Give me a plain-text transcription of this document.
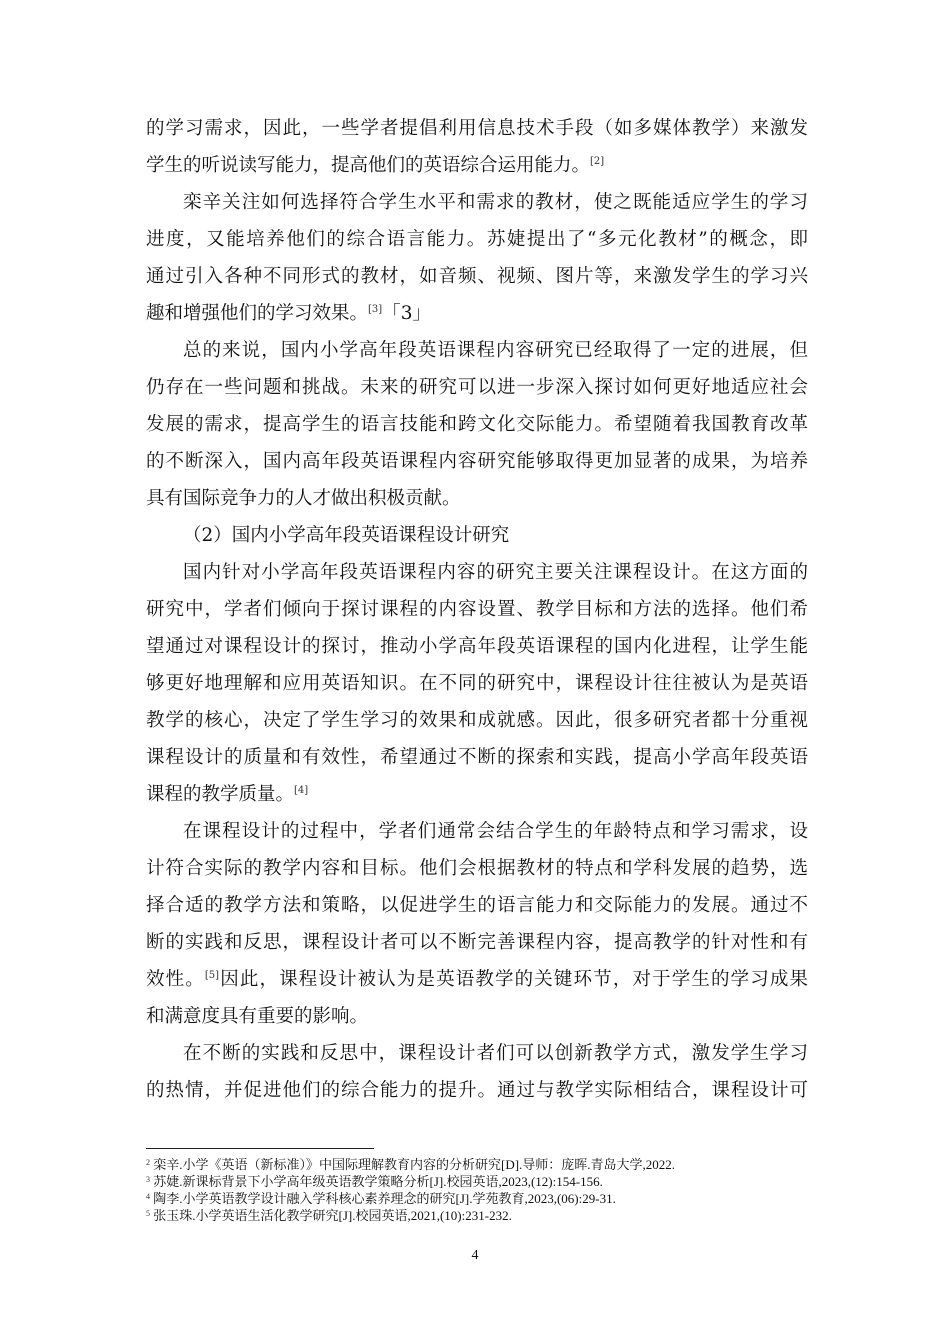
的学习需求，因此，一些学者提倡利用信息技术手段（如多媒体教学）来激发
学生的听说读写能力，提高他们的英语综合运用能力。[2]
栾辛关注如何选择符合学生水平和需求的教材，使之既能适应学生的学习
进度，又能培养他们的综合语言能力。苏婕提出了“多元化教材”的概念，即
通过引入各种不同形式的教材，如音频、视频、图片等，来激发学生的学习兴
趣和增强他们的学习效果。[3]「3」
总的来说，国内小学高年段英语课程内容研究已经取得了一定的进展，但
仍存在一些问题和挑战。未来的研究可以进一步深入探讨如何更好地适应社会
发展的需求，提高学生的语言技能和跨文化交际能力。希望随着我国教育改革
的不断深入，国内高年段英语课程内容研究能够取得更加显著的成果，为培养
具有国际竞争力的人才做出积极贡献。
（2）国内小学高年段英语课程设计研究
国内针对小学高年段英语课程内容的研究主要关注课程设计。在这方面的
研究中，学者们倾向于探讨课程的内容设置、教学目标和方法的选择。他们希
望通过对课程设计的探讨，推动小学高年段英语课程的国内化进程，让学生能
够更好地理解和应用英语知识。在不同的研究中，课程设计往往被认为是英语
教学的核心，决定了学生学习的效果和成就感。因此，很多研究者都十分重视
课程设计的质量和有效性，希望通过不断的探索和实践，提高小学高年段英语
课程的教学质量。[4]
在课程设计的过程中，学者们通常会结合学生的年龄特点和学习需求，设
计符合实际的教学内容和目标。他们会根据教材的特点和学科发展的趋势，选
择合适的教学方法和策略，以促进学生的语言能力和交际能力的发展。通过不
断的实践和反思，课程设计者可以不断完善课程内容，提高教学的针对性和有
效性。[5]因此，课程设计被认为是英语教学的关键环节，对于学生的学习成果
和满意度具有重要的影响。
在不断的实践和反思中，课程设计者们可以创新教学方式，激发学生学习
的热情，并促进他们的综合能力的提升。通过与教学实际相结合，课程设计可
$^2$ 栾辛.小学《英语（新标准）》中国际理解教育内容的分析研究[D].导师：庞晖.青岛大学,2022.
$^3$ 苏婕.新课标背景下小学高年级英语教学策略分析[J].校园英语,2023,(12):154-156.
$^4$ 陶李.小学英语教学设计融入学科核心素养理念的研究[J].学苑教育,2023,(06):29-31.
$^5$ 张玉珠.小学英语生活化教学研究[J].校园英语,2021,(10):231-232.
4
